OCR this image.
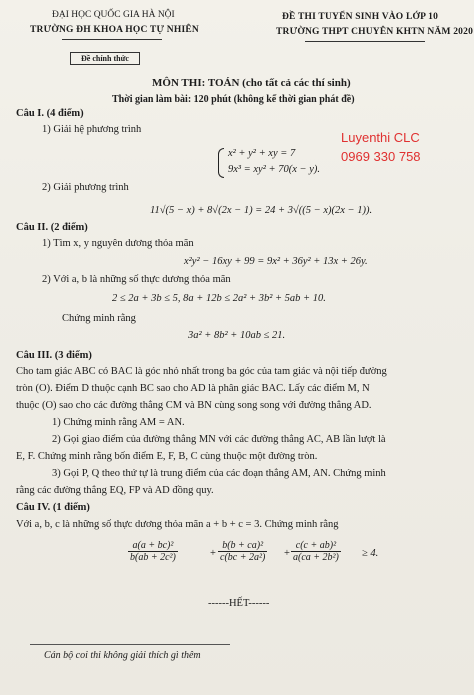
ĐẠI HỌC QUỐC GIA HÀ NỘI
TRƯỜNG ĐH KHOA HỌC TỰ NHIÊN
Đề chính thức
ĐỀ THI TUYỂN SINH VÀO LỚP 10
TRƯỜNG THPT CHUYÊN KHTN NĂM 2020
MÔN THI: TOÁN (cho tất cả các thí sinh)
Thời gian làm bài: 120 phút (không kể thời gian phát đề)
Luyenthi CLC
0969 330 758
Câu I. (4 điểm)
1) Giải hệ phương trình
x² + y² + xy = 7
9x³ = xy² + 70(x − y).
2) Giải phương trình
11√(5 − x) + 8√(2x − 1) = 24 + 3√((5 − x)(2x − 1)).
Câu II. (2 điểm)
1) Tìm x, y nguyên dương thỏa mãn
x²y² − 16xy + 99 = 9x² + 36y² + 13x + 26y.
2) Với a, b là những số thực dương thỏa mãn
2 ≤ 2a + 3b ≤ 5, 8a + 12b ≤ 2a² + 3b² + 5ab + 10.
Chứng minh rằng
3a² + 8b² + 10ab ≤ 21.
Câu III. (3 điểm)
Cho tam giác ABC có BAC là góc nhỏ nhất trong ba góc của tam giác và nội tiếp đường
tròn (O). Điểm D thuộc cạnh BC sao cho AD là phân giác BAC. Lấy các điểm M, N
thuộc (O) sao cho các đường thẳng CM và BN cùng song song với đường thẳng AD.
1) Chứng minh rằng AM = AN.
2) Gọi giao điểm của đường thẳng MN với các đường thẳng AC, AB lần lượt là
E, F. Chứng minh rằng bốn điểm E, F, B, C cùng thuộc một đường tròn.
3) Gọi P, Q theo thứ tự là trung điểm của các đoạn thẳng AM, AN. Chứng minh
rằng các đường thẳng EQ, FP và AD đồng quy.
Câu IV. (1 điểm)
Với a, b, c là những số thực dương thỏa mãn a + b + c = 3. Chứng minh rằng
$\frac{\text{a(a + bc)²}}{\text{b(ab + 2c²)}}$	+ $\frac{\text{b(b + ca)²}}{\text{c(bc + 2a²)}} + \frac{\text{c(c + ab)²}}{\text{a(ca + 2b²)}} \ge 4$.
------HẾT------
Cán bộ coi thi không giải thích gì thêm
